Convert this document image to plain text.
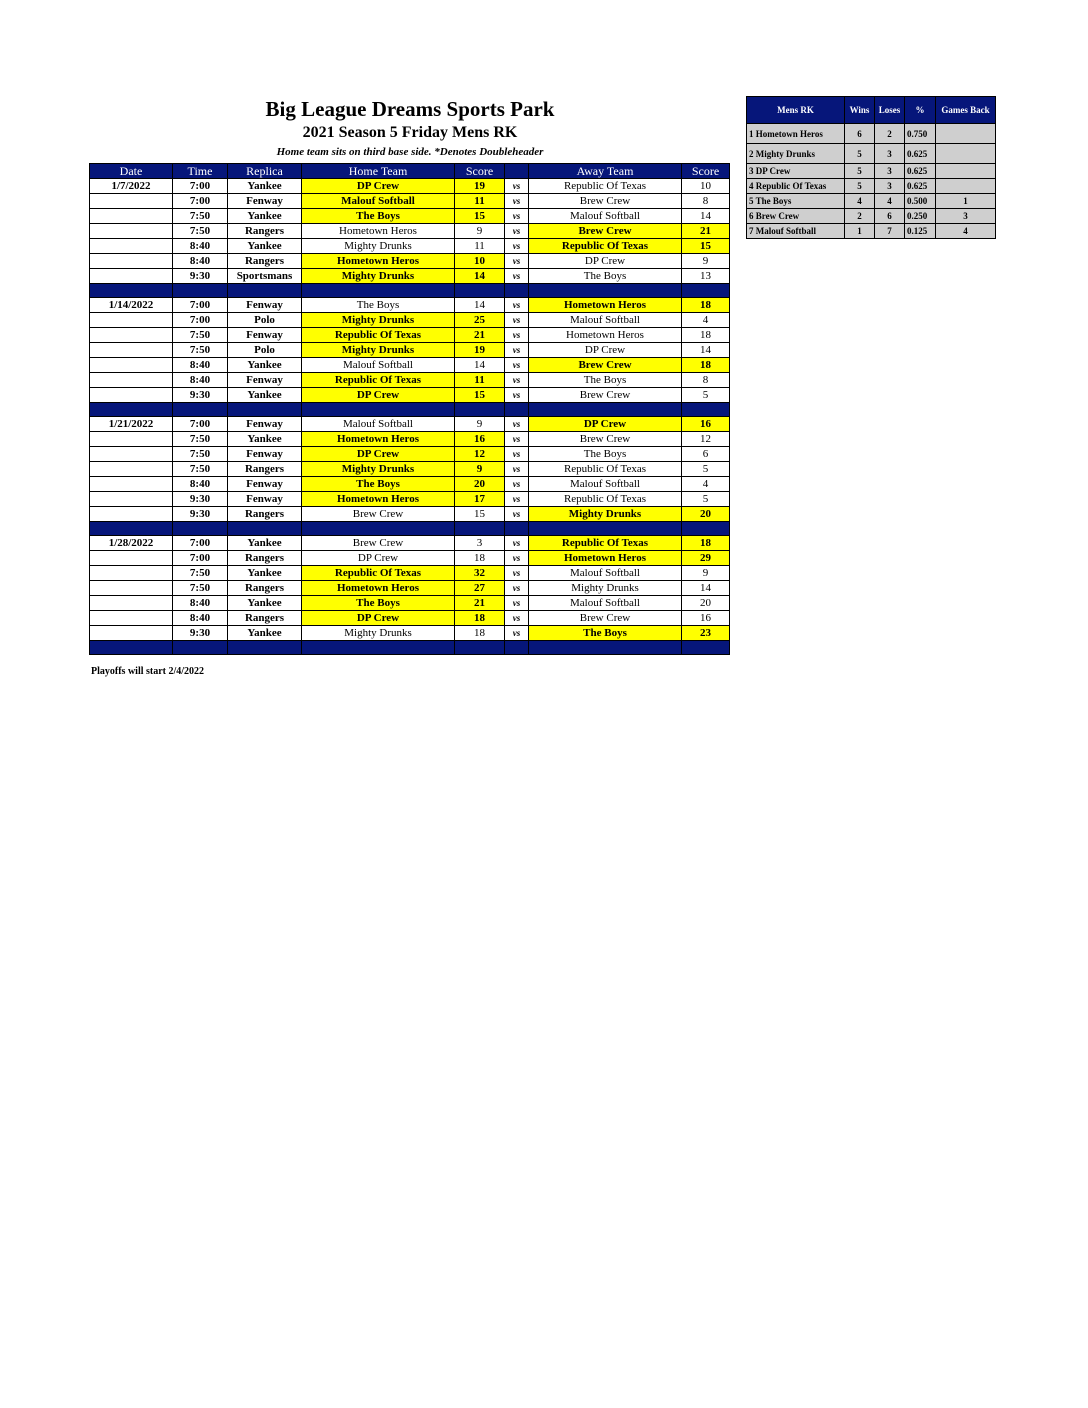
Big League Dreams Sports Park
2021 Season 5 Friday Mens RK
Home team sits on third base side. *Denotes Doubleheader
Date	Time	Replica	Home Team	Score		Away Team	Score
1/7/2022	7:00	Yankee	DP Crew	19	vs	Republic Of Texas	10
	7:00	Fenway	Malouf Softball	11	vs	Brew Crew	8
	7:50	Yankee	The Boys	15	vs	Malouf Softball	14
	7:50	Rangers	Hometown Heros	9	vs	Brew Crew	21
	8:40	Yankee	Mighty Drunks	11	vs	Republic Of Texas	15
	8:40	Rangers	Hometown Heros	10	vs	DP Crew	9
	9:30	Sportsmans	Mighty Drunks	14	vs	The Boys	13

1/14/2022	7:00	Fenway	The Boys	14	vs	Hometown Heros	18
	7:00	Polo	Mighty Drunks	25	vs	Malouf Softball	4
	7:50	Fenway	Republic Of Texas	21	vs	Hometown Heros	18
	7:50	Polo	Mighty Drunks	19	vs	DP Crew	14
	8:40	Yankee	Malouf Softball	14	vs	Brew Crew	18
	8:40	Fenway	Republic Of Texas	11	vs	The Boys	8
	9:30	Yankee	DP Crew	15	vs	Brew Crew	5

1/21/2022	7:00	Fenway	Malouf Softball	9	vs	DP Crew	16
	7:50	Yankee	Hometown Heros	16	vs	Brew Crew	12
	7:50	Fenway	DP Crew	12	vs	The Boys	6
	7:50	Rangers	Mighty Drunks	9	vs	Republic Of Texas	5
	8:40	Fenway	The Boys	20	vs	Malouf Softball	4
	9:30	Fenway	Hometown Heros	17	vs	Republic Of Texas	5
	9:30	Rangers	Brew Crew	15	vs	Mighty Drunks	20

1/28/2022	7:00	Yankee	Brew Crew	3	vs	Republic Of Texas	18
	7:00	Rangers	DP Crew	18	vs	Hometown Heros	29
	7:50	Yankee	Republic Of Texas	32	vs	Malouf Softball	9
	7:50	Rangers	Hometown Heros	27	vs	Mighty Drunks	14
	8:40	Yankee	The Boys	21	vs	Malouf Softball	20
	8:40	Rangers	DP Crew	18	vs	Brew Crew	16
	9:30	Yankee	Mighty Drunks	18	vs	The Boys	23

Playoffs will start 2/4/2022
Mens RK	Wins	Loses	%	Games Back
1 Hometown Heros	6	2	0.750	
2 Mighty Drunks	5	3	0.625	
3 DP Crew	5	3	0.625	
4 Republic Of Texas	5	3	0.625	
5 The Boys	4	4	0.500	1
6 Brew Crew	2	6	0.250	3
7 Malouf Softball	1	7	0.125	4
